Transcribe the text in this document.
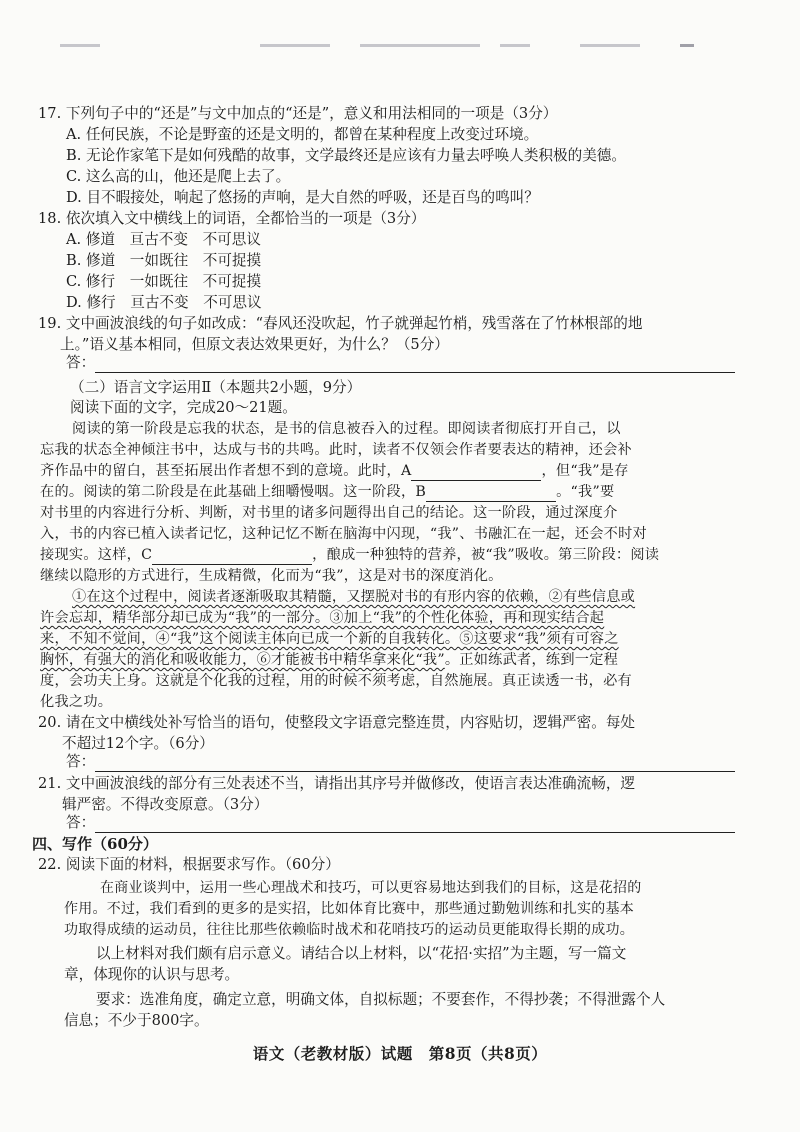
17. 下列句子中的“还是”与文中加点的“还是”，意义和用法相同的一项是（3分）
A. 任何民族，不论是野蛮的还是文明的，都曾在某种程度上改变过环境。
B. 无论作家笔下是如何残酷的故事，文学最终还是应该有力量去呼唤人类积极的美德。
C. 这么高的山，他还是爬上去了。
D. 目不暇接处，响起了悠扬的声响，是大自然的呼吸，还是百鸟的鸣叫？
18. 依次填入文中横线上的词语，全都恰当的一项是（3分）
A. 修道　亘古不变　不可思议
B. 修道　一如既往　不可捉摸
C. 修行　一如既往　不可捉摸
D. 修行　亘古不变　不可思议
19. 文中画波浪线的句子如改成：“春风还没吹起，竹子就弹起竹梢，残雪落在了竹林根部的地
上。”语义基本相同，但原文表达效果更好，为什么？（5分）
答：
（二）语言文字运用Ⅱ（本题共2小题，9分）
阅读下面的文字，完成20～21题。
阅读的第一阶段是忘我的状态，是书的信息被吞入的过程。即阅读者彻底打开自己，以
忘我的状态全神倾注书中，达成与书的共鸣。此时，读者不仅领会作者要表达的精神，还会补
齐作品中的留白，甚至拓展出作者想不到的意境。此时，A	，但“我”是存
在的。阅读的第二阶段是在此基础上细嚼慢咽。这一阶段，B	。“我”要
对书里的内容进行分析、判断，对书里的诸多问题得出自己的结论。这一阶段，通过深度介
入，书的内容已植入读者记忆，这种记忆不断在脑海中闪现，“我”、书融汇在一起，还会不时对
接现实。这样，C	，酿成一种独特的营养，被“我”吸收。第三阶段：阅读
继续以隐形的方式进行，生成精微，化而为“我”，这是对书的深度消化。
①在这个过程中，阅读者逐渐吸取其精髓，又摆脱对书的有形内容的依赖，②有些信息或
许会忘却，精华部分却已成为“我”的一部分。③加上“我”的个性化体验，再和现实结合起
来，不知不觉间，④“我”这个阅读主体向已成一个新的自我转化。⑤这要求“我”须有可容之
胸怀，有强大的消化和吸收能力，⑥才能被书中精华拿来化“我”。正如练武者，练到一定程
度，会功夫上身。这就是个化我的过程，用的时候不须考虑，自然施展。真正读透一书，必有
化我之功。
20. 请在文中横线处补写恰当的语句，使整段文字语意完整连贯，内容贴切，逻辑严密。每处
不超过12个字。（6分）
答：
21. 文中画波浪线的部分有三处表述不当，请指出其序号并做修改，使语言表达准确流畅，逻
辑严密。不得改变原意。（3分）
答：
四、写作（60分）
22. 阅读下面的材料，根据要求写作。（60分）
在商业谈判中，运用一些心理战术和技巧，可以更容易地达到我们的目标，这是花招的
作用。不过，我们看到的更多的是实招，比如体育比赛中，那些通过勤勉训练和扎实的基本
功取得成绩的运动员，往往比那些依赖临时战术和花哨技巧的运动员更能取得长期的成功。
以上材料对我们颇有启示意义。请结合以上材料，以“花招·实招”为主题，写一篇文
章，体现你的认识与思考。
要求：选准角度，确定立意，明确文体，自拟标题；不要套作，不得抄袭；不得泄露个人
信息；不少于800字。
语文（老教材版）试题　第8页（共8页）
